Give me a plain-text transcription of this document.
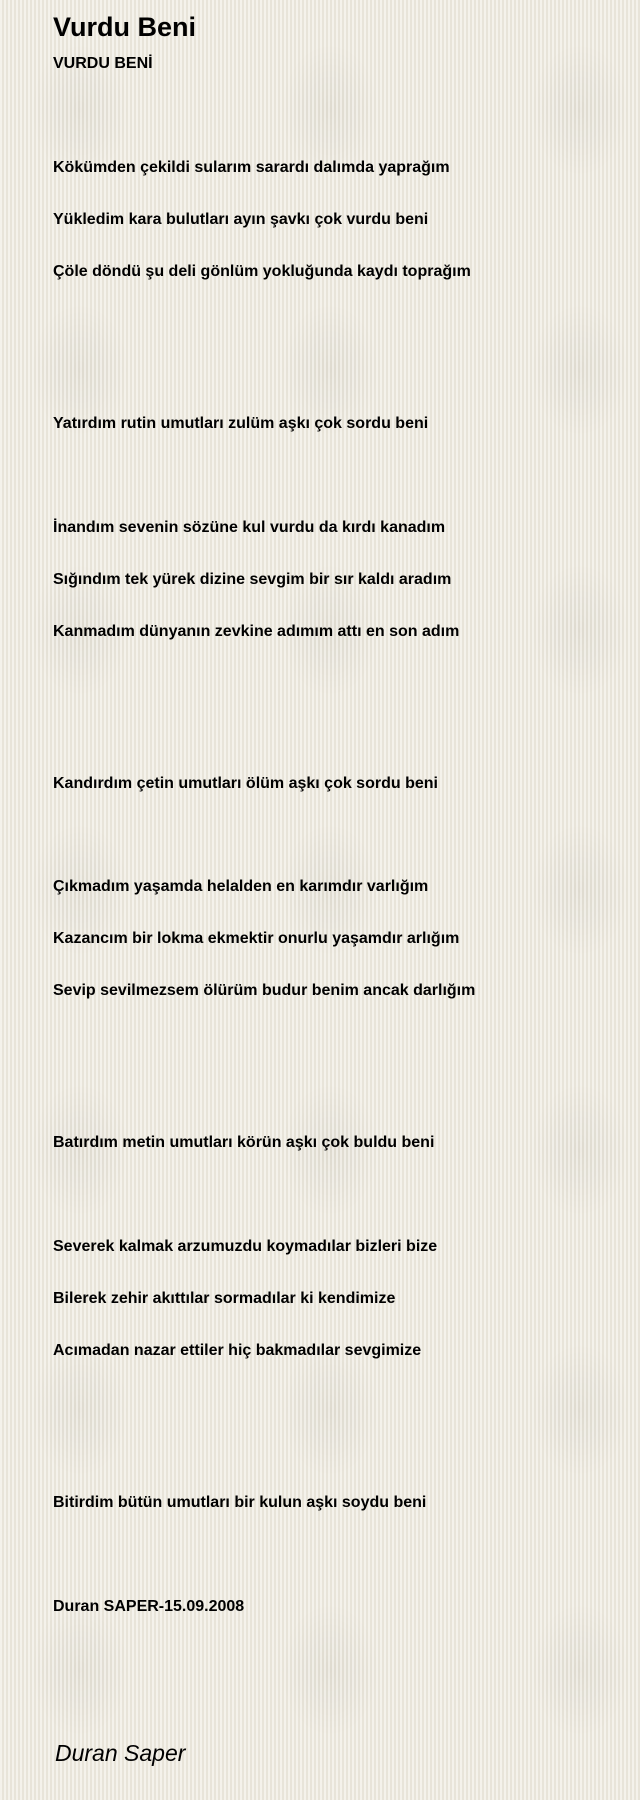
Vurdu Beni
VURDU BENİ
Kökümden çekildi sularım sarardı dalımda yaprağım
Yükledim kara bulutları ayın şavkı çok vurdu beni
Çöle döndü şu deli gönlüm yokluğunda kaydı toprağım
Yatırdım rutin umutları zulüm aşkı çok sordu beni
İnandım sevenin sözüne kul vurdu da kırdı kanadım
Sığındım tek yürek dizine sevgim bir sır kaldı aradım
Kanmadım dünyanın zevkine adımım attı en son adım
Kandırdım çetin umutları ölüm aşkı çok sordu beni
Çıkmadım yaşamda helalden en karımdır varlığım
Kazancım bir lokma ekmektir onurlu yaşamdır arlığım
Sevip sevilmezsem ölürüm budur benim ancak darlığım
Batırdım metin umutları körün aşkı çok buldu beni
Severek kalmak arzumuzdu koymadılar bizleri bize
Bilerek zehir akıttılar sormadılar ki kendimize
Acımadan nazar ettiler hiç bakmadılar sevgimize
Bitirdim bütün umutları bir kulun aşkı soydu beni
Duran SAPER-15.09.2008
Duran Saper
